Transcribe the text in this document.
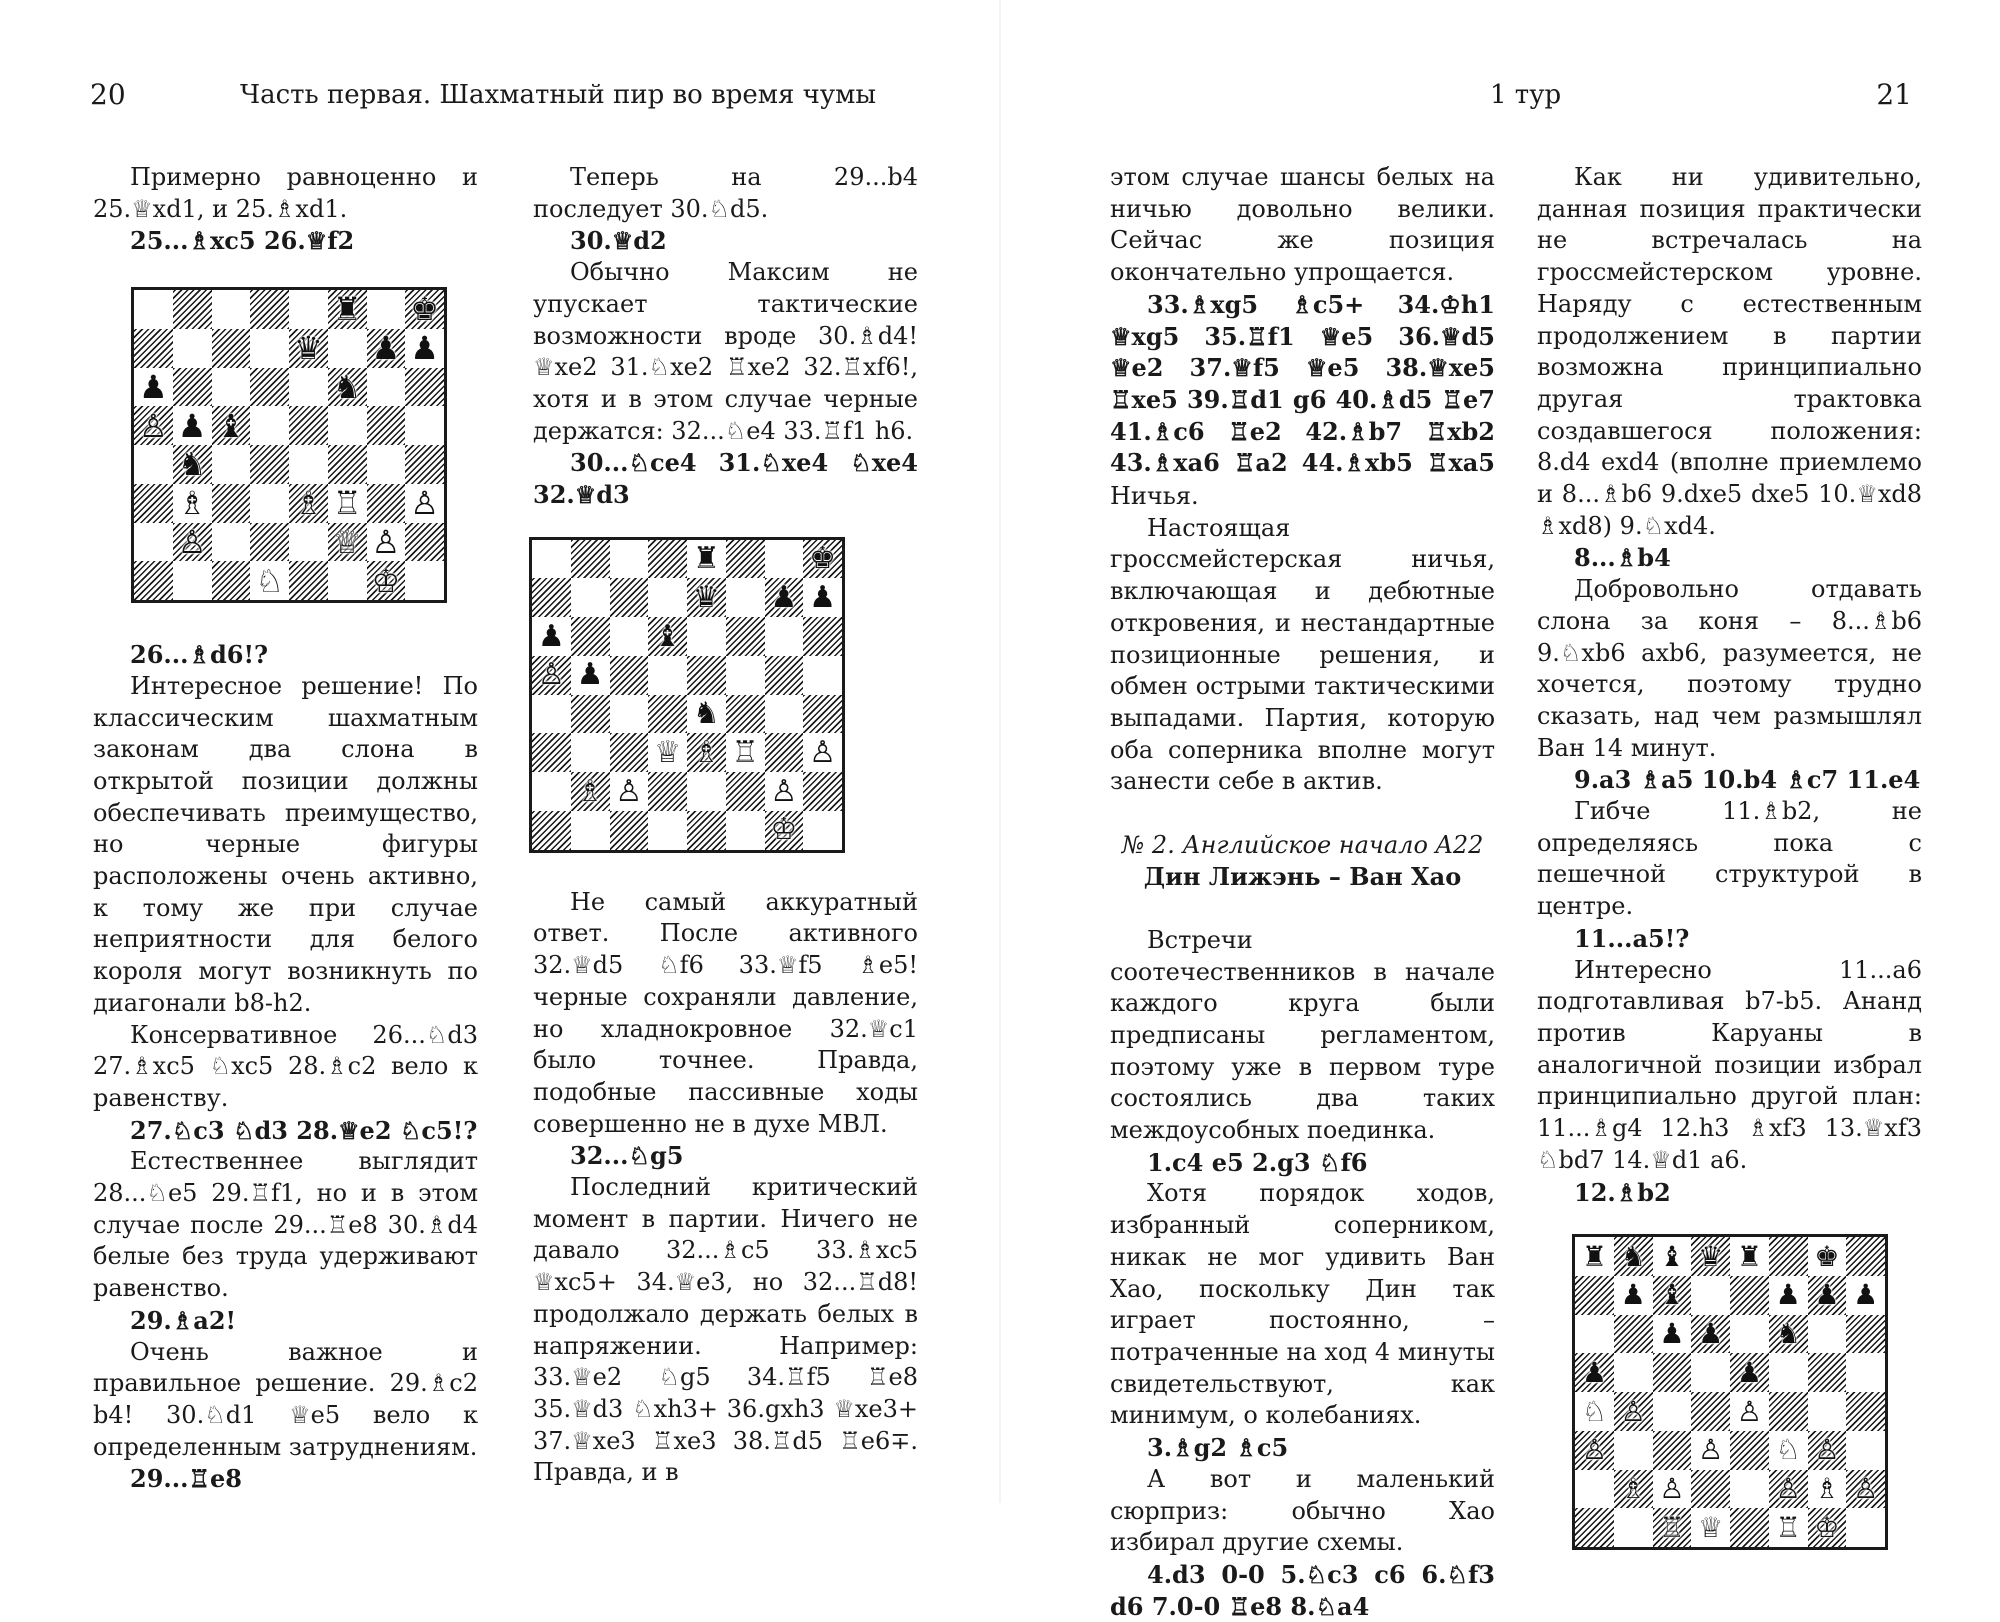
20	Часть первая. Шахматный пир во время чумы

Примерно равноценно и 25.♕xd1, и 25.♗xd1.

25...♗xc5 26.♕f2

♜ ♚
♛ ♟ ♟
♟	♞
♙ ♟ ♝
♞
♗	♗ ♖ ♙
♙	♕ ♙
♘	♔

26...♗d6!?

Интересное решение! По классическим шахматным законам два слона в открытой позиции должны обеспечивать преимущество, но черные фигуры расположены очень активно, к тому же при случае неприятности для белого короля могут возникнуть по диагонали b8-h2.

Консервативное 26...♘d3 27.♗xc5 ♘xc5 28.♗c2 вело к равенству.

27.♘c3 ♘d3 28.♕e2 ♘c5!?

Естественнее выглядит 28...♘e5 29.♖f1, но и в этом случае после 29...♖e8 30.♗d4 белые без труда удерживают равенство.

29.♗a2!

Очень важное и правильное решение. 29.♗c2 b4! 30.♘d1 ♕e5 вело к определенным затруднениям.

29...♖e8

Теперь на 29...b4 последует 30.♘d5.

30.♕d2

Обычно Максим не упускает тактические возможности вроде 30.♗d4! ♕xe2 31.♘xe2 ♖xe2 32.♖xf6!, хотя и в этом случае черные держатся: 32...♘e4 33.♖f1 h6.

30...♘ce4 31.♘xe4 ♘xe4 32.♕d3

♜	♚
♛ ♟ ♟
♟	♝
♙ ♟
♞
♕ ♗ ♖ ♙
♗ ♙	♙
♔

Не самый аккуратный ответ. После активного 32.♕d5 ♘f6 33.♕f5 ♗e5! черные сохраняли давление, но хладнокровное 32.♕c1 было точнее. Правда, подобные пассивные ходы совершенно не в духе МВЛ.

32...♘g5

Последний критический момент в партии. Ничего не давало 32...♗c5 33.♗xc5 ♕xc5+ 34.♕e3, но 32...♖d8! продолжало держать белых в напряжении. Например: 33.♕e2 ♘g5 34.♖f5 ♖e8 35.♕d3 ♘xh3+ 36.gxh3 ♕xe3+ 37.♕xe3 ♖xe3 38.♖d5 ♖e6∓. Правда, и в

1 тур	21

этом случае шансы белых на ничью довольно велики. Сейчас же позиция окончательно упрощается.

33.♗xg5 ♗c5+ 34.♔h1 ♕xg5 35.♖f1 ♕e5 36.♕d5 ♕e2 37.♕f5 ♕e5 38.♕xe5 ♖xe5 39.♖d1 g6 40.♗d5 ♖e7 41.♗c6 ♖e2 42.♗b7 ♖xb2 43.♗xa6 ♖a2 44.♗xb5 ♖xa5 Ничья.

Настоящая гроссмейстерская ничья, включающая и дебютные откровения, и нестандартные позиционные решения, и обмен острыми тактическими выпадами. Партия, которую оба соперника вполне могут занести себе в актив.

№ 2. Английское начало A22

Дин Лижэнь – Ван Хао

Встречи соотечественников в начале каждого круга были предписаны регламентом, поэтому уже в первом туре состоялись два таких междоусобных поединка.

1.c4 e5 2.g3 ♘f6

Хотя порядок ходов, избранный соперником, никак не мог удивить Ван Хао, поскольку Дин так играет постоянно, – потраченные на ход 4 минуты свидетельствуют, как минимум, о колебаниях.

3.♗g2 ♗c5

А вот и маленький сюрприз: обычно Хао избирал другие схемы.

4.d3 0-0 5.♘c3 c6 6.♘f3 d6 7.0-0 ♖e8 8.♘a4

Как ни удивительно, данная позиция практически не встречалась на гроссмейстерском уровне. Наряду с естественным продолжением в партии возможна принципиально другая трактовка создавшегося положения: 8.d4 exd4 (вполне приемлемо и 8...♗b6 9.dxe5 dxe5 10.♕xd8 ♗xd8) 9.♘xd4.

8...♗b4

Добровольно отдавать слона за коня – 8...♗b6 9.♘xb6 axb6, разумеется, не хочется, поэтому трудно сказать, над чем размышлял Ван 14 минут.

9.a3 ♗a5 10.b4 ♗c7 11.e4

Гибче 11.♗b2, не определяясь пока с пешечной структурой в центре.

11...a5!?

Интересно 11...a6 подготавливая b7-b5. Ананд против Каруаны в аналогичной позиции избрал принципиально другой план: 11...♗g4 12.h3 ♗xf3 13.♕xf3 ♘bd7 14.♕d1 a6.

12.♗b2

♜ ♞ ♝ ♛ ♜ ♚
♟ ♝	♟ ♟ ♟
♟ ♟ ♞
♟	♟
♘ ♙	♙
♙	♙ ♘ ♙
♗ ♙	♙ ♗ ♙
♖ ♕ ♖ ♔
